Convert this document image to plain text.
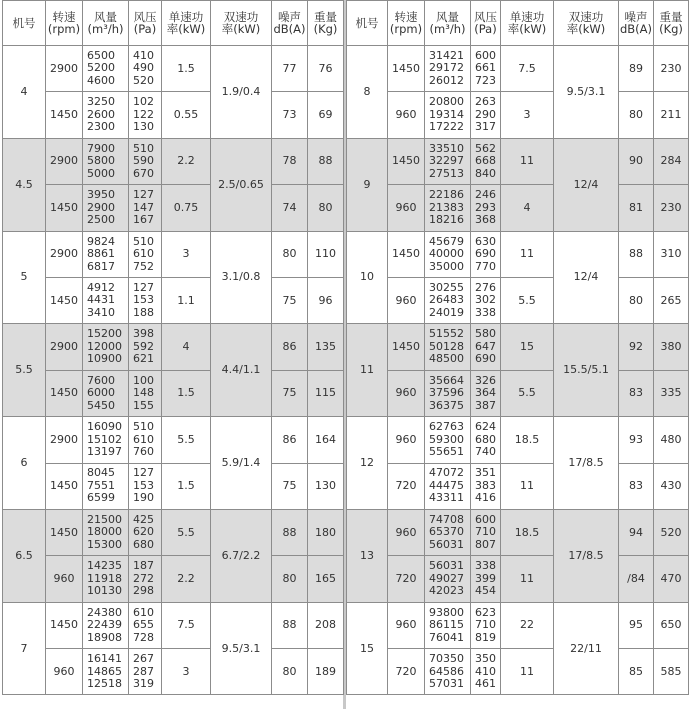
机号	转速
(rpm)	风量
(m³/h)	风压
(Pa)	单速功
率(kW)	双速功
率(kW)	噪声
dB(A)	重量
(Kg)

4	2900	6500
5200
4600	410
490
520	1.5	1.9/0.4	77	76
	1450	3250
2600
2300	102
122
130	0.55		73	69
4.5	2900	7900
5800
5000	510
590
670	2.2	2.5/0.65	78	88
	1450	3950
2900
2500	127
147
167	0.75		74	80
5	2900	9824
8861
6817	510
610
752	3	3.1/0.8	80	110
	1450	4912
4431
3410	127
153
188	1.1		75	96
5.5	2900	15200
12000
10900	398
592
621	4	4.4/1.1	86	135
	1450	7600
6000
5450	100
148
155	1.5		75	115
6	2900	16090
15102
13197	510
610
760	5.5	5.9/1.4	86	164
	1450	8045
7551
6599	127
153
190	1.5		75	130
6.5	1450	21500
18000
15300	425
620
680	5.5	6.7/2.2	88	180
	960	14235
11918
10130	187
272
298	2.2		80	165
7	1450	24380
22439
18908	610
655
728	7.5	9.5/3.1	88	208
	960	16141
14865
12518	267
287
319	3		80	189
机号	转速
(rpm)	风量
(m³/h)	风压
(Pa)	单速功
率(kW)	双速功
率(kW)	噪声
dB(A)	重量
(Kg)

8	1450	31421
29172
26012	600
661
723	7.5	9.5/3.1	89	230
	960	20800
19314
17222	263
290
317	3		80	211
9	1450	33510
32297
27513	562
668
840	11	12/4	90	284
	960	22186
21383
18216	246
293
368	4		81	230
10	1450	45679
40000
35000	630
690
770	11	12/4	88	310
	960	30255
26483
24019	276
302
338	5.5		80	265
11	1450	51552
50128
48500	580
647
690	15	15.5/5.1	92	380
	960	35664
37596
36375	326
364
387	5.5		83	335
12	960	62763
59300
55651	624
680
740	18.5	17/8.5	93	480
	720	47072
44475
43311	351
383
416	11		83	430
13	960	74708
65370
56031	600
710
807	18.5	17/8.5	94	520
	720	56031
49027
42023	338
399
454	11		/84	470
15	960	93800
86115
76041	623
710
819	22	22/11	95	650
	720	70350
64586
57031	350
410
461	11		85	585
